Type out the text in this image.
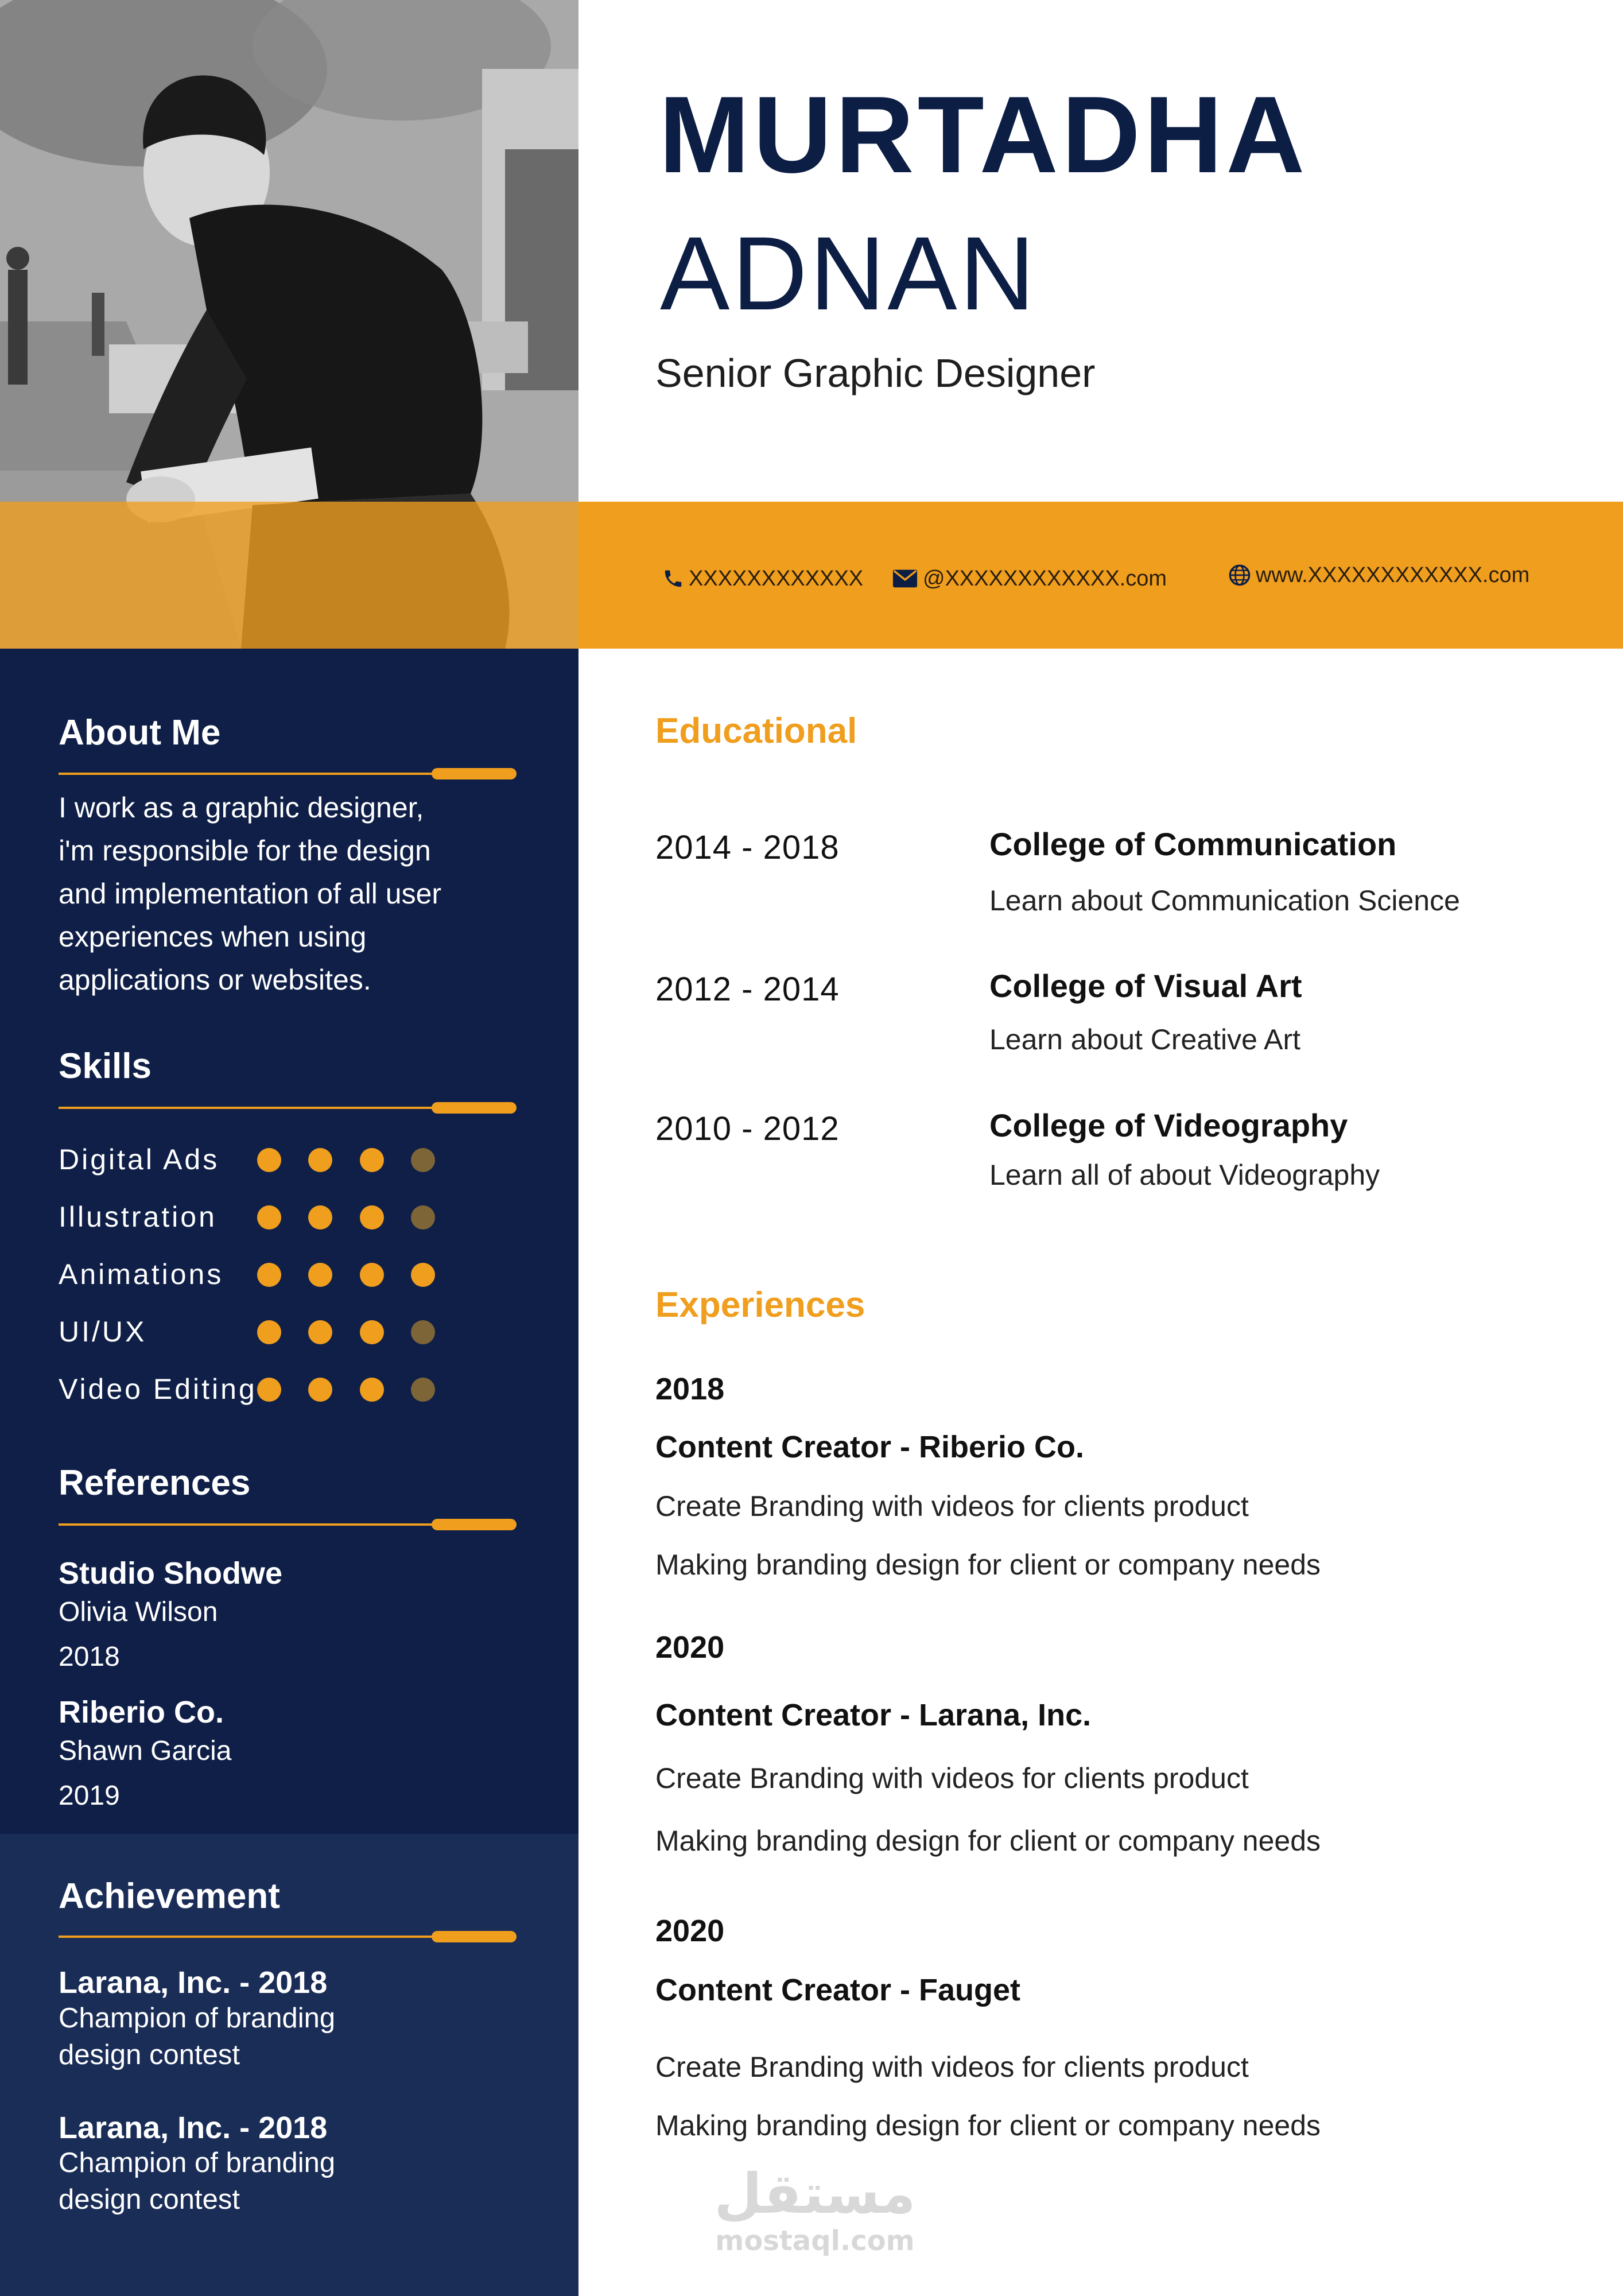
MURTADHA
ADNAN
Senior Graphic Designer
XXXXXXXXXXXX	@XXXXXXXXXXXX.com	www.XXXXXXXXXXXX.com
About Me
I work as a graphic designer,
i'm responsible for the design
and implementation of all user
experiences when using
applications or websites.
Skills
Digital Ads
Illustration
Animations
UI/UX
Video Editing
References
Studio Shodwe
Olivia Wilson
2018
Riberio Co.
Shawn Garcia
2019
Achievement
Larana, Inc. - 2018
Champion of branding
design contest
Larana, Inc. - 2018
Champion of branding
design contest
Educational
2014 - 2018	College of Communication
Learn about Communication Science
2012 - 2014	College of Visual Art
Learn about Creative Art
2010 - 2012	College of Videography
Learn all of about Videography
Experiences
2018
Content Creator - Riberio Co.
Create Branding with videos for clients product
Making branding design for client or company needs
2020
Content Creator - Larana, Inc.
Create Branding with videos for clients product
Making branding design for client or company needs
2020
Content Creator - Fauget
Create Branding with videos for clients product
Making branding design for client or company needs
مستقل
mostaql.com
